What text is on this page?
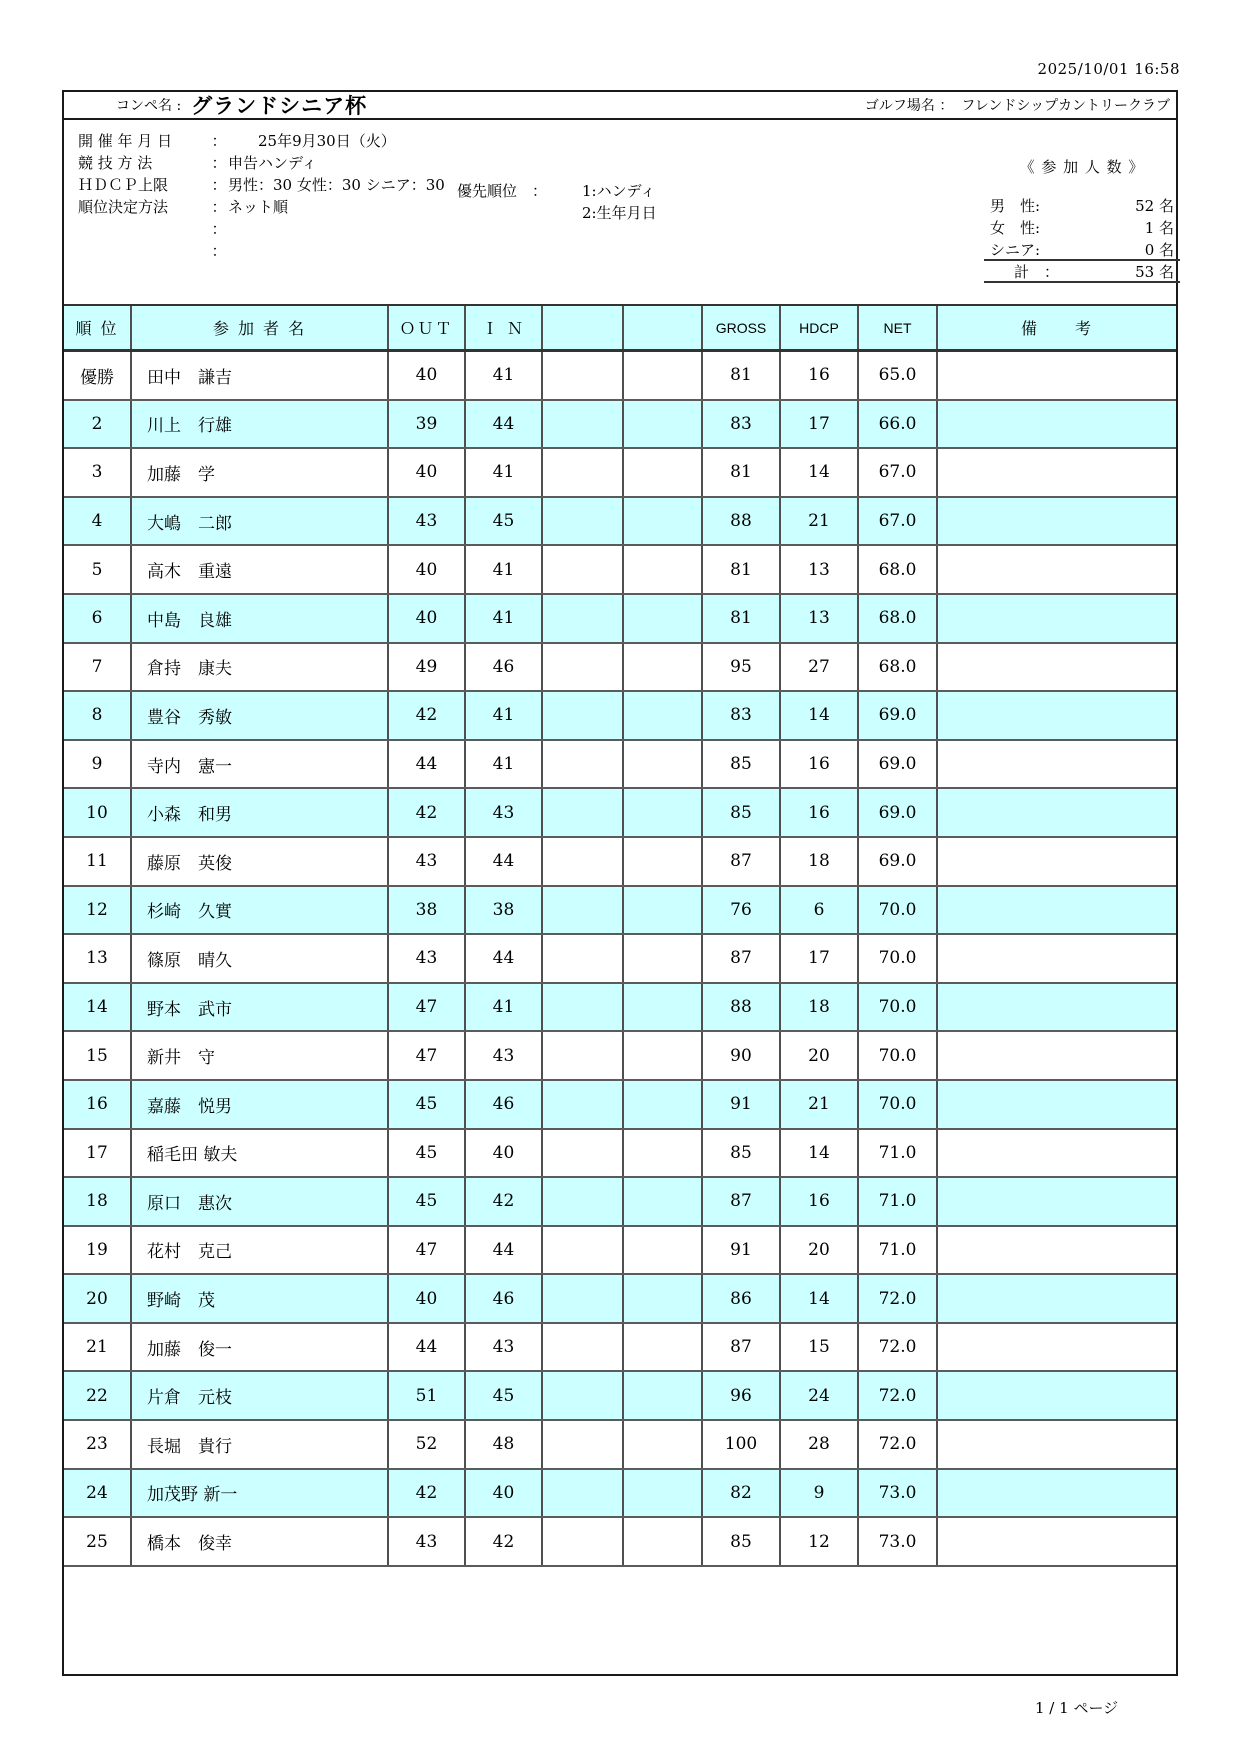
2025/10/01 16:58
コンペ名 : グランドシニア杯	ゴルフ場名 ： フレンドシップカントリークラブ
開 催 年 月 日	： 　　25年9月30日（火）
競 技 方 法	： 申告ハンディ
ＨＤＣＰ上限	： 男性：30 女性：30 シニア：30
順位決定方法	： ネット順
：
：
優先順位　： 1:ハンディ
2:生年月日
《 参 加 人 数 》
男　性:	52 名
女　性:	1 名
シニア:	0 名
計　：	53 名
順 位	参 加 者 名	ＯＵＴ	Ｉ Ｎ	GROSS	HDCP	NET	備　　考
優勝	田中　謙吉	40	41	81	16	65.0
2	川上　行雄	39	44	83	17	66.0
3	加藤　学	40	41	81	14	67.0
4	大嶋　二郎	43	45	88	21	67.0
5	高木　重遠	40	41	81	13	68.0
6	中島　良雄	40	41	81	13	68.0
7	倉持　康夫	49	46	95	27	68.0
8	豊谷　秀敏	42	41	83	14	69.0
9	寺内　憲一	44	41	85	16	69.0
10	小森　和男	42	43	85	16	69.0
11	藤原　英俊	43	44	87	18	69.0
12	杉崎　久實	38	38	76	6	70.0
13	篠原　晴久	43	44	87	17	70.0
14	野本　武市	47	41	88	18	70.0
15	新井　守	47	43	90	20	70.0
16	嘉藤　悦男	45	46	91	21	70.0
17	稲毛田 敏夫	45	40	85	14	71.0
18	原口　惠次	45	42	87	16	71.0
19	花村　克己	47	44	91	20	71.0
20	野崎　茂	40	46	86	14	72.0
21	加藤　俊一	44	43	87	15	72.0
22	片倉　元枝	51	45	96	24	72.0
23	長堀　貴行	52	48	100	28	72.0
24	加茂野 新一	42	40	82	9	73.0
25	橋本　俊幸	43	42	85	12	73.0
1 / 1 ページ
